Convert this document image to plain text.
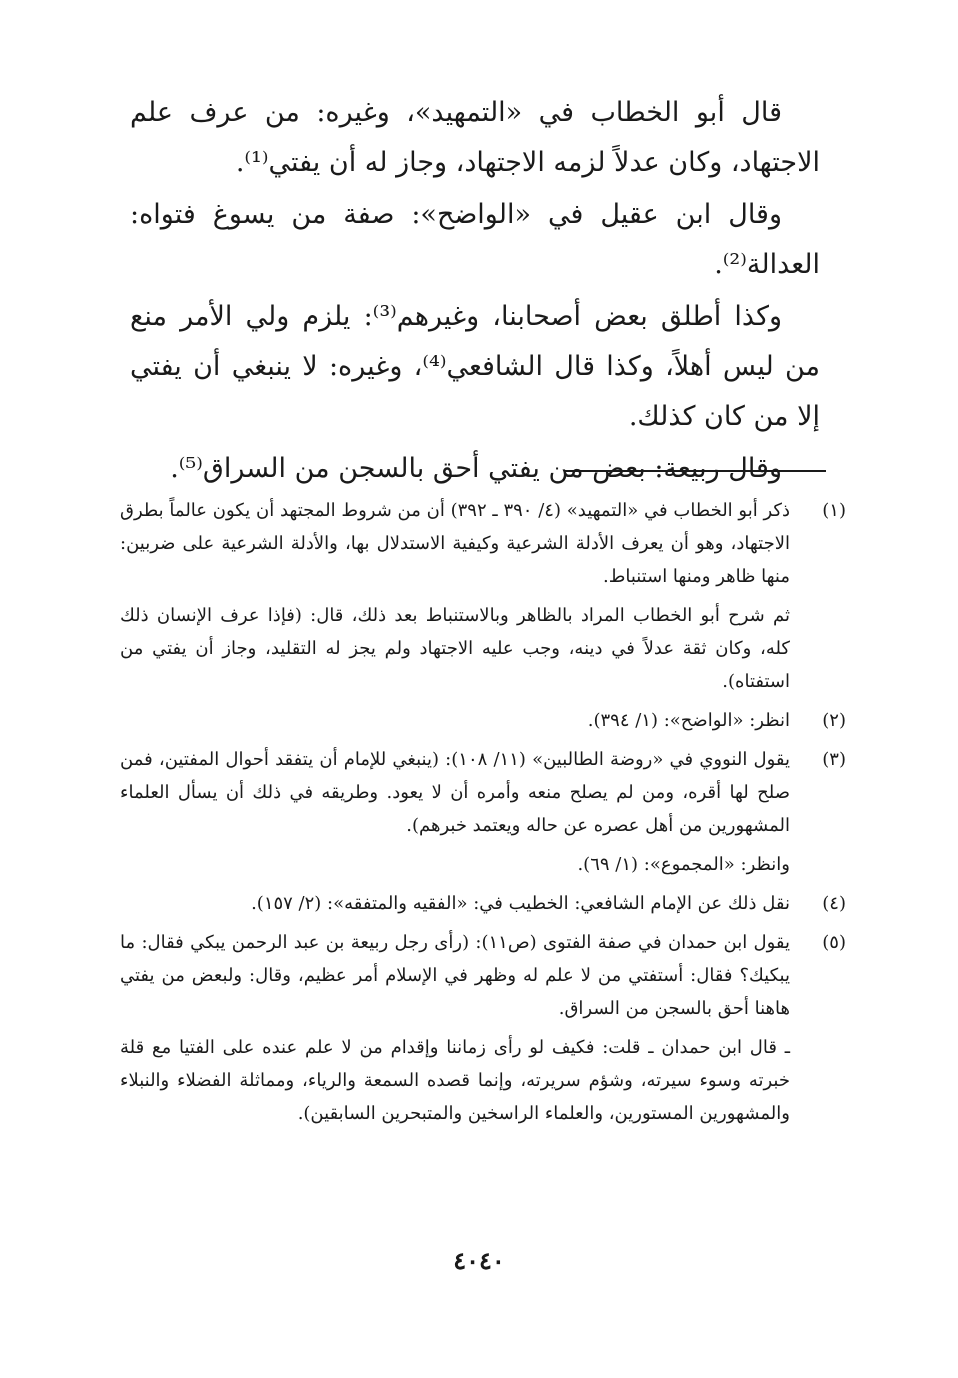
قال أبو الخطاب في «التمهيد»، وغيره: من عرف علم الاجتهاد، وكان عدلاً لزمه الاجتهاد، وجاز له أن يفتي⁽¹⁾.

وقال ابن عقيل في «الواضح»: صفة من يسوغ فتواه: العدالة⁽²⁾.

وكذا أطلق بعض أصحابنا، وغيرهم⁽³⁾: يلزم ولي الأمر منع من ليس أهلاً، وكذا قال الشافعي⁽⁴⁾، وغيره: لا ينبغي أن يفتي إلا من كان كذلك.

وقال ربيعة: بعض من يفتي أحق بالسجن من السراق⁽⁵⁾.

(١)

ذكر أبو الخطاب في «التمهيد» (٤/ ٣٩٠ ـ ٣٩٢) أن من شروط المجتهد أن يكون عالماً بطرق الاجتهاد، وهو أن يعرف الأدلة الشرعية وكيفية الاستدلال بها، والأدلة الشرعية على ضربين: منها ظاهر ومنها استنباط.

ثم شرح أبو الخطاب المراد بالظاهر وبالاستنباط بعد ذلك، قال: (فإذا عرف الإنسان ذلك كله، وكان ثقة عدلاً في دينه، وجب عليه الاجتهاد ولم يجز له التقليد، وجاز أن يفتي من استفتاه).

(٢)

انظر: «الواضح»: (١/ ٣٩٤).

(٣)

يقول النووي في «روضة الطالبين» (١١/ ١٠٨): (ينبغي للإمام أن يتفقد أحوال المفتين، فمن صلح لها أقره، ومن لم يصلح منعه وأمره أن لا يعود. وطريقه في ذلك أن يسأل العلماء المشهورين من أهل عصره عن حاله ويعتمد خبرهم).

وانظر: «المجموع»: (١/ ٦٩).

(٤)

نقل ذلك عن الإمام الشافعي: الخطيب في: «الفقيه والمتفقه»: (٢/ ١٥٧).

(٥)

يقول ابن حمدان في صفة الفتوى (ص١١): (رأى رجل ربيعة بن عبد الرحمن يبكي فقال: ما يبكيك؟ فقال: أستفتي من لا علم له وظهر في الإسلام أمر عظيم، وقال: ولبعض من يفتي هاهنا أحق بالسجن من السراق.

ـ قال ابن حمدان ـ قلت: فكيف لو رأى زماننا وإقدام من لا علم عنده على الفتيا مع قلة خبرته وسوء سيرته، وشؤم سريرته، وإنما قصده السمعة والرياء، ومماثلة الفضلاء والنبلاء والمشهورين المستورين، والعلماء الراسخين والمتبحرين السابقين).

٤٠٤٠
